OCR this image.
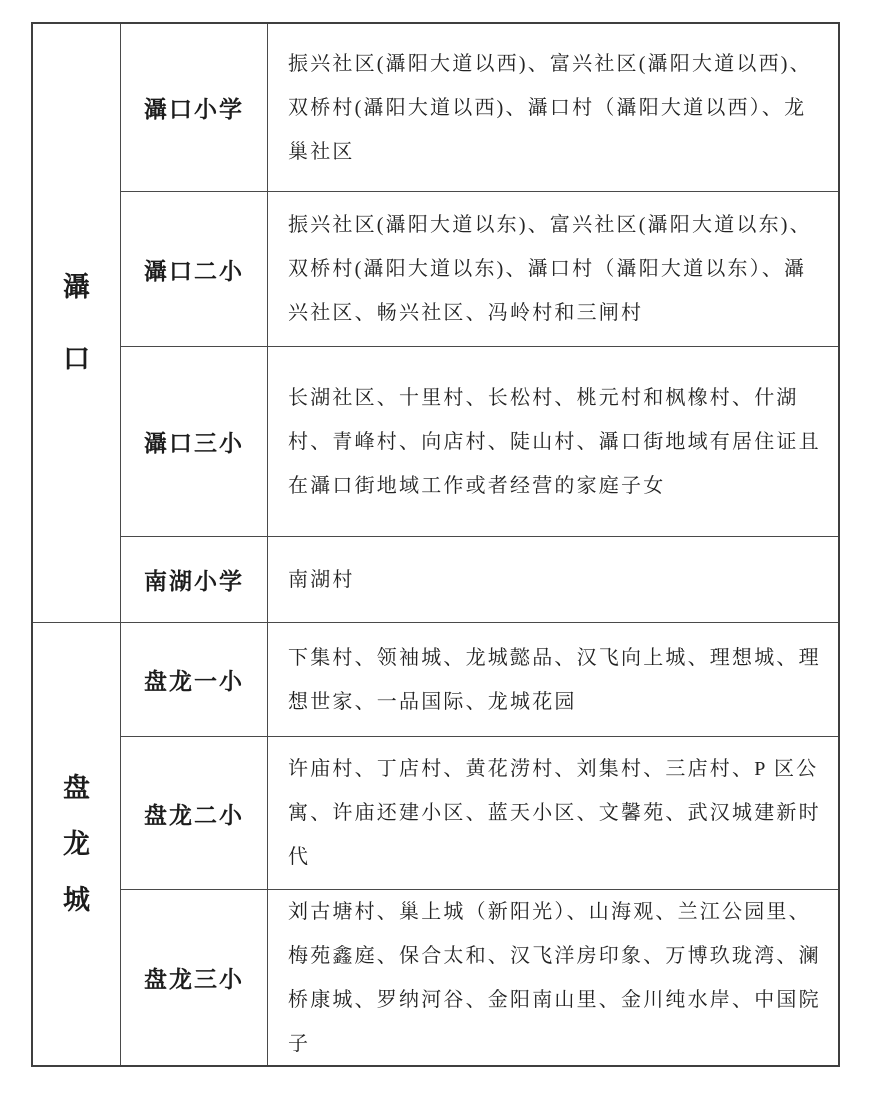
灄
口
盘
龙
城
灄口小学
振兴社区(灄阳大道以西)、富兴社区(灄阳大道以西)、双桥村(灄阳大道以西)、灄口村（灄阳大道以西）、龙巢社区
灄口二小
振兴社区(灄阳大道以东)、富兴社区(灄阳大道以东)、双桥村(灄阳大道以东)、灄口村（灄阳大道以东）、灄兴社区、畅兴社区、冯岭村和三闸村
灄口三小
长湖社区、十里村、长松村、桃元村和枫橡村、什湖村、青峰村、向店村、陡山村、灄口街地域有居住证且在灄口街地域工作或者经营的家庭子女
南湖小学	南湖村
盘龙一小
下集村、领袖城、龙城懿品、汉飞向上城、理想城、理想世家、一品国际、龙城花园
盘龙二小
许庙村、丁店村、黄花涝村、刘集村、三店村、P 区公寓、许庙还建小区、蓝天小区、文馨苑、武汉城建新时代
盘龙三小
刘古塘村、巢上城（新阳光）、山海观、兰江公园里、梅苑鑫庭、保合太和、汉飞洋房印象、万博玖珑湾、澜桥康城、罗纳河谷、金阳南山里、金川纯水岸、中国院子
